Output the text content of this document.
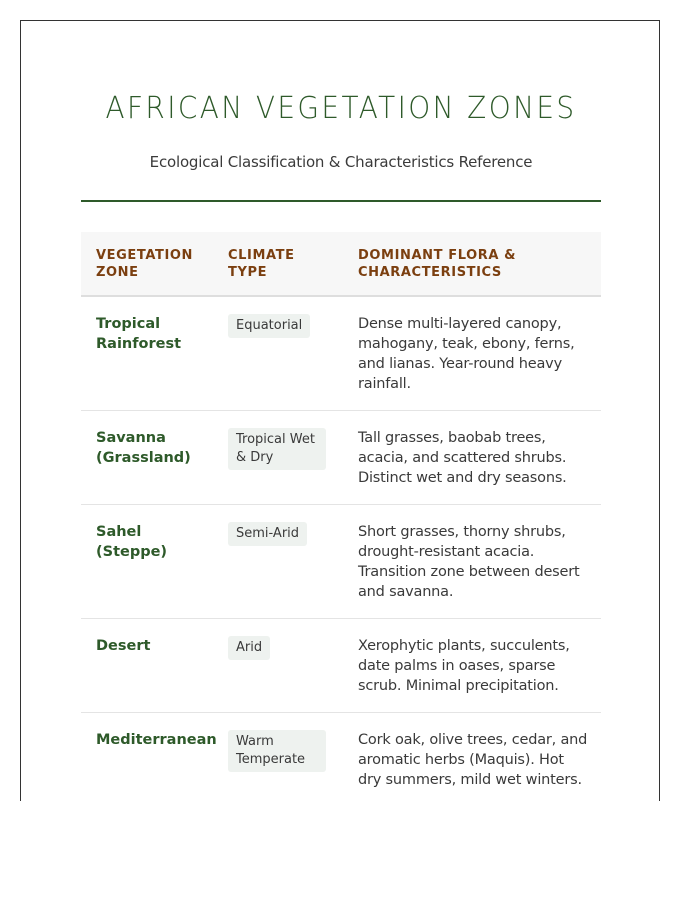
AFRICAN VEGETATION ZONES
Ecological Classification & Characteristics Reference
VEGETATION ZONE	CLIMATE TYPE	DOMINANT FLORA & CHARACTERISTICS
Tropical Rainforest	Equatorial	Dense multi-layered canopy, mahogany, teak, ebony, ferns, and lianas. Year-round heavy rainfall.
Savanna (Grassland)	Tropical Wet & Dry	Tall grasses, baobab trees, acacia, and scattered shrubs. Distinct wet and dry seasons.
Sahel (Steppe)	Semi-Arid	Short grasses, thorny shrubs, drought-resistant acacia. Transition zone between desert and savanna.
Desert	Arid	Xerophytic plants, succulents, date palms in oases, sparse scrub. Minimal precipitation.
Mediterranean	Warm Temperate	Cork oak, olive trees, cedar, and aromatic herbs (Maquis). Hot dry summers, mild wet winters.
